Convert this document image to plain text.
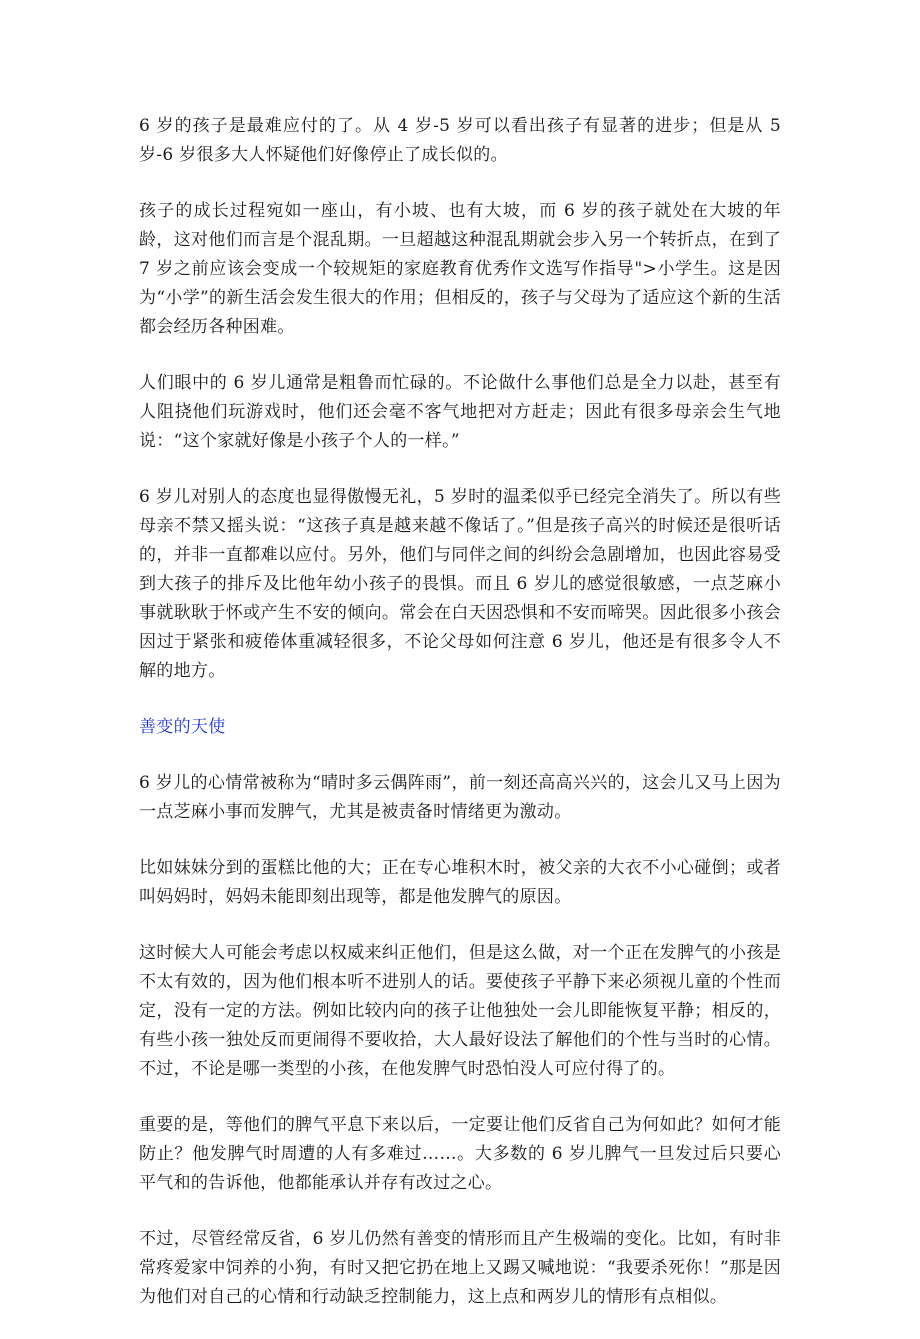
6 岁的孩子是最难应付的了。从 4 岁-5 岁可以看出孩子有显著的进步；但是从 5 岁-6 岁很多大人怀疑他们好像停止了成长似的。

孩子的成长过程宛如一座山，有小坡、也有大坡，而 6 岁的孩子就处在大坡的年龄，这对他们而言是个混乱期。一旦超越这种混乱期就会步入另一个转折点，在到了 7 岁之前应该会变成一个较规矩的家庭教育优秀作文选写作指导">小学生。这是因为“小学”的新生活会发生很大的作用；但相反的，孩子与父母为了适应这个新的生活都会经历各种困难。

人们眼中的 6 岁儿通常是粗鲁而忙碌的。不论做什么事他们总是全力以赴，甚至有人阻挠他们玩游戏时，他们还会毫不客气地把对方赶走；因此有很多母亲会生气地说：“这个家就好像是小孩子个人的一样。”

6 岁儿对别人的态度也显得傲慢无礼，5 岁时的温柔似乎已经完全消失了。所以有些母亲不禁又摇头说：“这孩子真是越来越不像话了。”但是孩子高兴的时候还是很听话的，并非一直都难以应付。另外，他们与同伴之间的纠纷会急剧增加，也因此容易受到大孩子的排斥及比他年幼小孩子的畏惧。而且 6 岁儿的感觉很敏感，一点芝麻小事就耿耿于怀或产生不安的倾向。常会在白天因恐惧和不安而啼哭。因此很多小孩会因过于紧张和疲倦体重减轻很多，不论父母如何注意 6 岁儿，他还是有很多令人不解的地方。

善变的天使

6 岁儿的心情常被称为“晴时多云偶阵雨”，前一刻还高高兴兴的，这会儿又马上因为一点芝麻小事而发脾气，尤其是被责备时情绪更为激动。

比如妹妹分到的蛋糕比他的大；正在专心堆积木时，被父亲的大衣不小心碰倒；或者叫妈妈时，妈妈未能即刻出现等，都是他发脾气的原因。

这时候大人可能会考虑以权威来纠正他们，但是这么做，对一个正在发脾气的小孩是不太有效的，因为他们根本听不进别人的话。要使孩子平静下来必须视儿童的个性而定，没有一定的方法。例如比较内向的孩子让他独处一会儿即能恢复平静；相反的，有些小孩一独处反而更闹得不要收拾，大人最好设法了解他们的个性与当时的心情。不过，不论是哪一类型的小孩，在他发脾气时恐怕没人可应付得了的。

重要的是，等他们的脾气平息下来以后，一定要让他们反省自己为何如此？如何才能防止？他发脾气时周遭的人有多难过……。大多数的 6 岁儿脾气一旦发过后只要心平气和的告诉他，他都能承认并存有改过之心。

不过，尽管经常反省，6 岁儿仍然有善变的情形而且产生极端的变化。比如，有时非常疼爱家中饲养的小狗，有时又把它扔在地上又踢又喊地说：“我要杀死你！”那是因为他们对自己的心情和行动缺乏控制能力，这上点和两岁儿的情形有点相似。
